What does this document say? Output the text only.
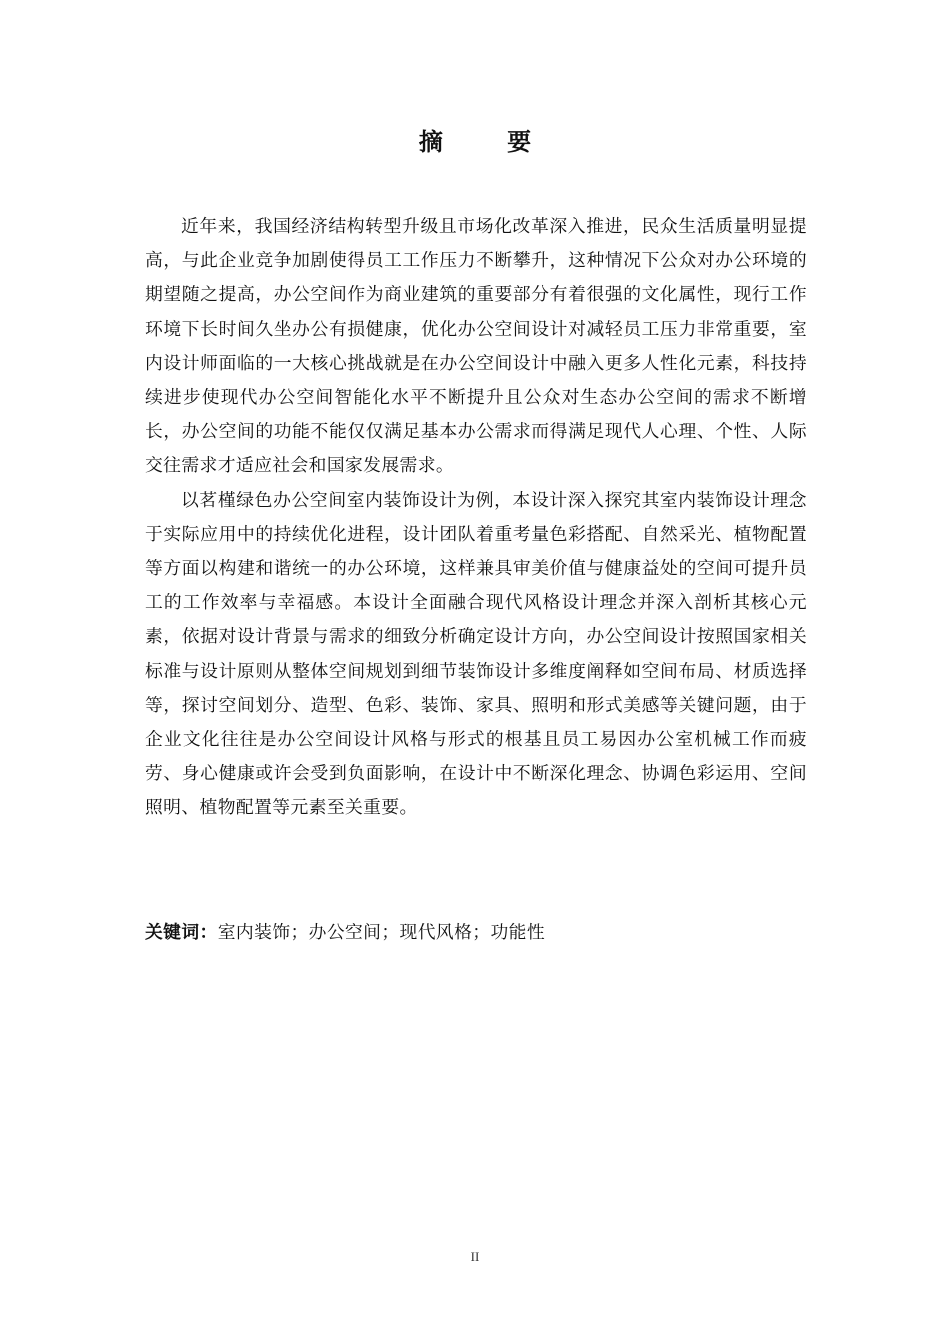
摘 要

近年来，我国经济结构转型升级且市场化改革深入推进，民众生活质量明显提高，与此企业竞争加剧使得员工工作压力不断攀升，这种情况下公众对办公环境的期望随之提高，办公空间作为商业建筑的重要部分有着很强的文化属性，现行工作环境下长时间久坐办公有损健康，优化办公空间设计对减轻员工压力非常重要，室内设计师面临的一大核心挑战就是在办公空间设计中融入更多人性化元素，科技持续进步使现代办公空间智能化水平不断提升且公众对生态办公空间的需求不断增长，办公空间的功能不能仅仅满足基本办公需求而得满足现代人心理、个性、人际交往需求才适应社会和国家发展需求。

以茗槿绿色办公空间室内装饰设计为例，本设计深入探究其室内装饰设计理念于实际应用中的持续优化进程，设计团队着重考量色彩搭配、自然采光、植物配置等方面以构建和谐统一的办公环境，这样兼具审美价值与健康益处的空间可提升员工的工作效率与幸福感。本设计全面融合现代风格设计理念并深入剖析其核心元素，依据对设计背景与需求的细致分析确定设计方向，办公空间设计按照国家相关标准与设计原则从整体空间规划到细节装饰设计多维度阐释如空间布局、材质选择等，探讨空间划分、造型、色彩、装饰、家具、照明和形式美感等关键问题，由于企业文化往往是办公空间设计风格与形式的根基且员工易因办公室机械工作而疲劳、身心健康或许会受到负面影响，在设计中不断深化理念、协调色彩运用、空间照明、植物配置等元素至关重要。

关键词：室内装饰；办公空间；现代风格；功能性
II
